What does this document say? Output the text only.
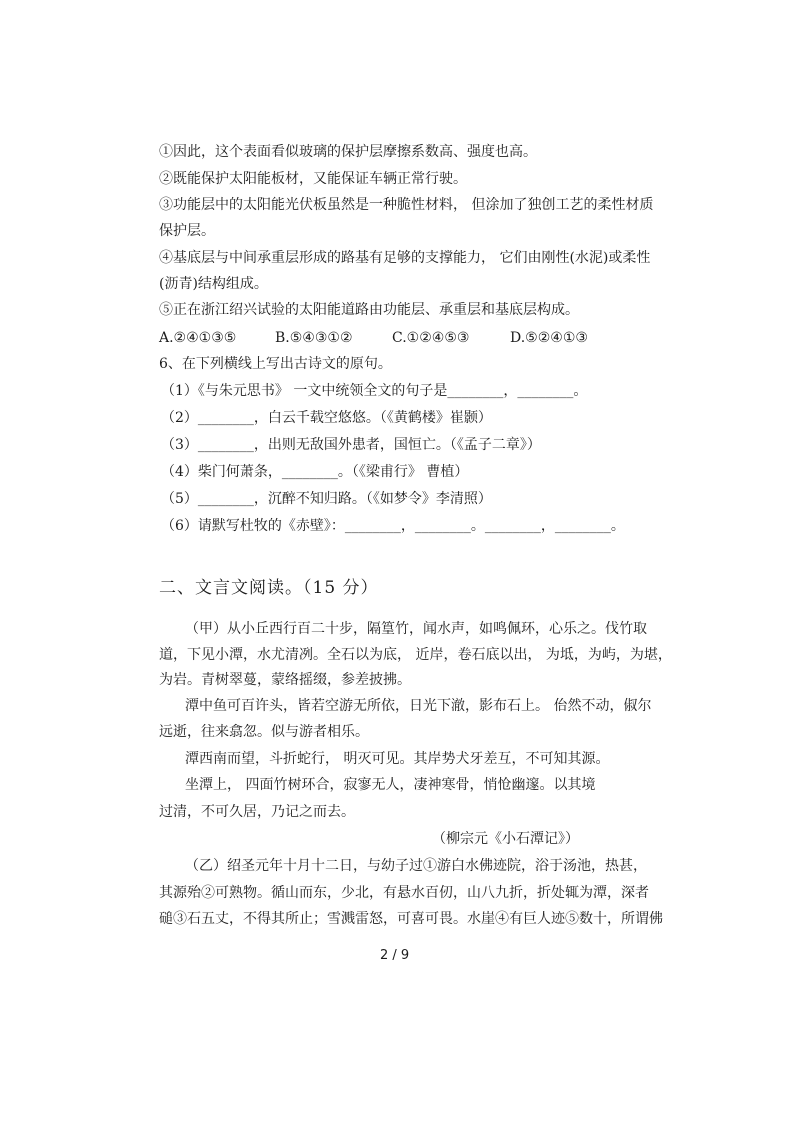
①因此，这个表面看似玻璃的保护层摩擦系数高、强度也高。
②既能保护太阳能板材，又能保证车辆正常行驶。
③功能层中的太阳能光伏板虽然是一种脆性材料， 但涂加了独创工艺的柔性材质
保护层。
④基底层与中间承重层形成的路基有足够的支撑能力， 它们由刚性(水泥)或柔性
(沥青)结构组成。
⑤正在浙江绍兴试验的太阳能道路由功能层、承重层和基底层构成。
A.②④①③⑤	B.⑤④③①②	C.①②④⑤③	D.⑤②④①③
6、在下列横线上写出古诗文的原句。
（1）《与朱元思书》 一文中统领全文的句子是________，________。
（2）________，白云千载空悠悠。（《黄鹤楼》崔颢）
（3）________，出则无敌国外患者，国恒亡。（《孟子二章》）
（4）柴门何萧条，________。（《梁甫行》 曹植）
（5）________，沉醉不知归路。（《如梦令》李清照）
（6）请默写杜牧的《赤壁》：________，________。________，________。
二、文言文阅读。（15 分）
（甲）从小丘西行百二十步，隔篁竹，闻水声，如鸣佩环，心乐之。伐竹取
道，下见小潭，水尤清冽。全石以为底， 近岸，卷石底以出， 为坻，为屿，为堪，
为岩。青树翠蔓，蒙络摇缀，参差披拂。
潭中鱼可百许头，皆若空游无所依，日光下澈，影布石上。 佁然不动，俶尔
远逝，往来翕忽。似与游者相乐。
潭西南而望，斗折蛇行， 明灭可见。其岸势犬牙差互，不可知其源。
坐潭上， 四面竹树环合，寂寥无人，凄神寒骨，悄怆幽邃。以其境
过清，不可久居，乃记之而去。
（柳宗元《小石潭记》）
（乙）绍圣元年十月十二日，与幼子过①游白水佛迹院，浴于汤池，热甚，
其源殆②可熟物。循山而东，少北，有悬水百仞，山八九折，折处辄为潭，深者
磓③石五丈，不得其所止；雪溅雷怒，可喜可畏。水崖④有巨人迹⑤数十，所谓佛
2 / 9
